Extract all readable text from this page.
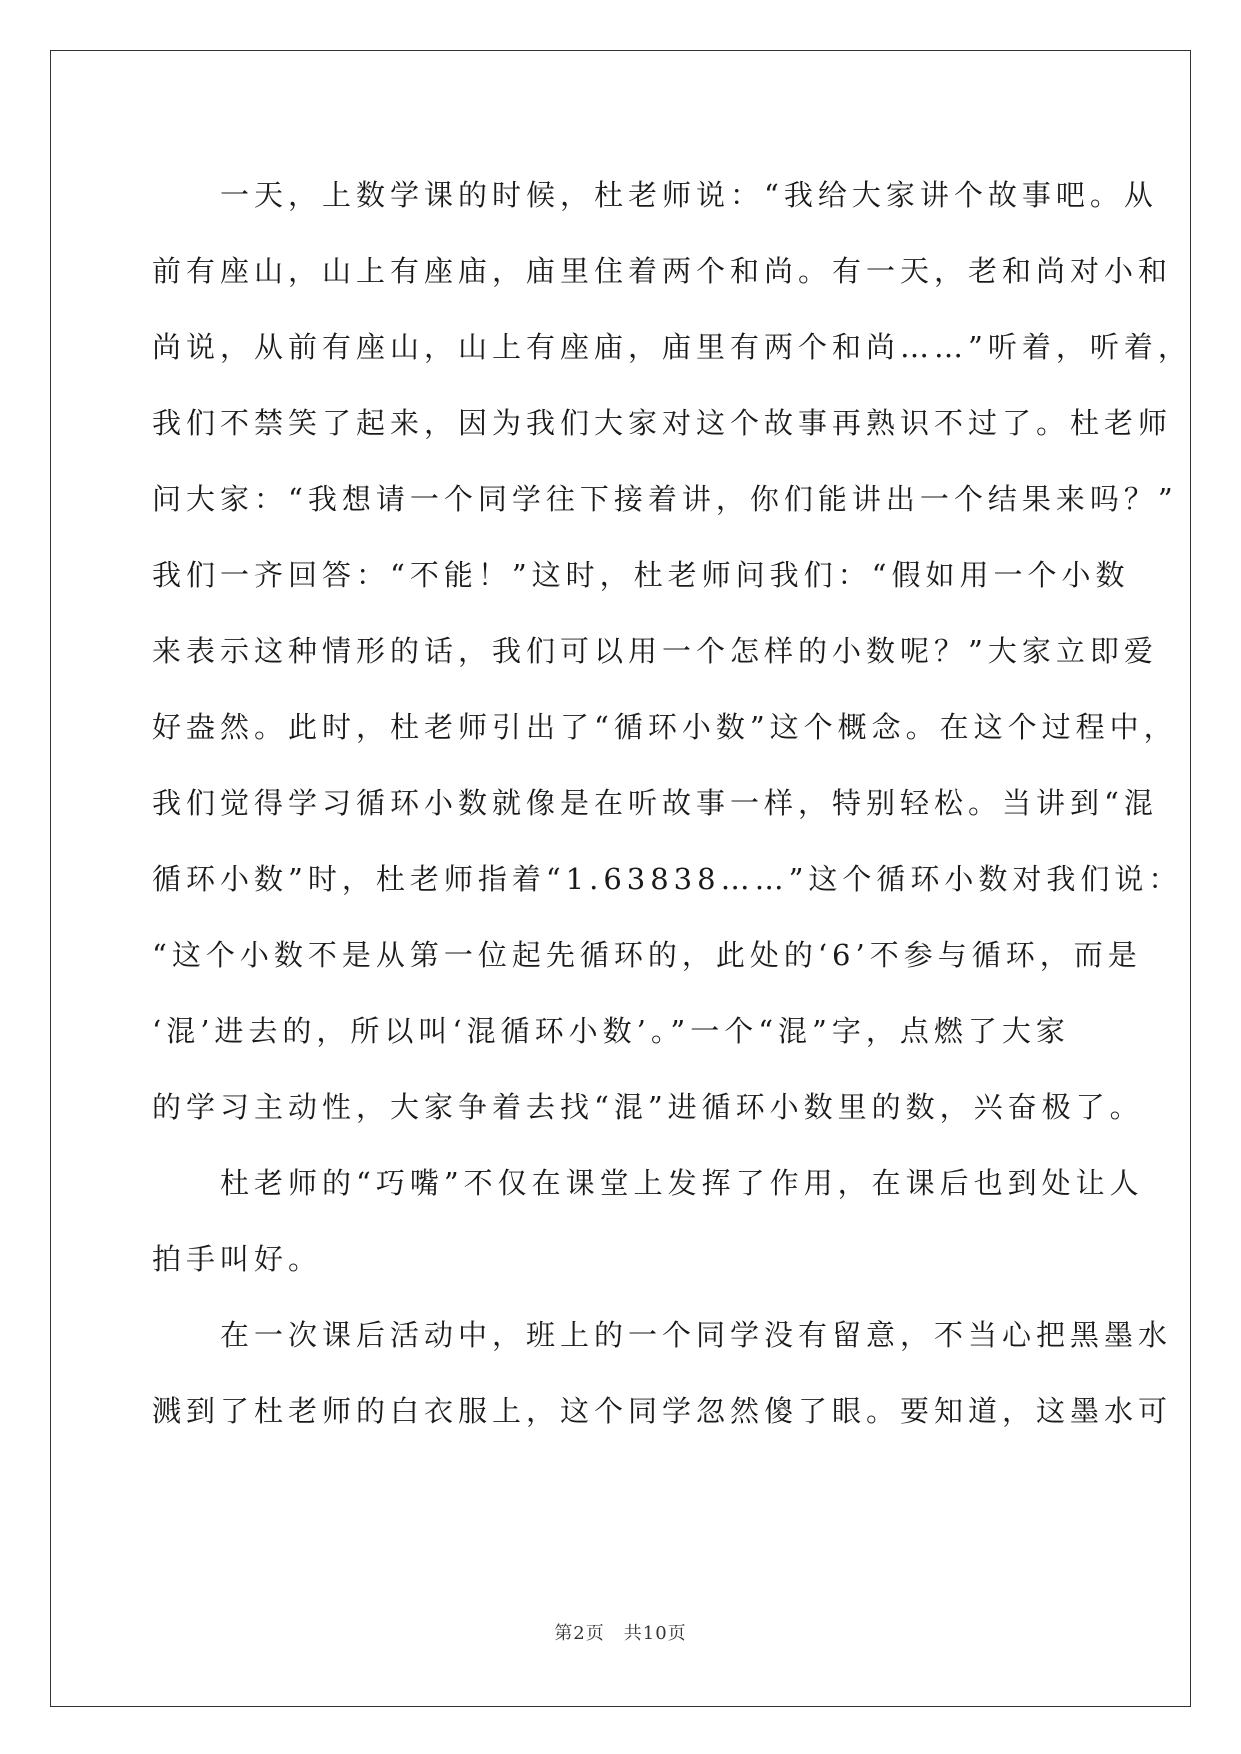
　　一天，上数学课的时候，杜老师说：“我给大家讲个故事吧。从
前有座山，山上有座庙，庙里住着两个和尚。有一天，老和尚对小和
尚说，从前有座山，山上有座庙，庙里有两个和尚……”听着，听着，
我们不禁笑了起来，因为我们大家对这个故事再熟识不过了。杜老师
问大家：“我想请一个同学往下接着讲，你们能讲出一个结果来吗？”
我们一齐回答：“不能！”这时，杜老师问我们：“假如用一个小数
来表示这种情形的话，我们可以用一个怎样的小数呢？”大家立即爱
好盎然。此时，杜老师引出了“循环小数”这个概念。在这个过程中，
我们觉得学习循环小数就像是在听故事一样，特别轻松。当讲到“混
循环小数”时，杜老师指着“1.63838……”这个循环小数对我们说：
“这个小数不是从第一位起先循环的，此处的‘6’不参与循环，而是
‘混’进去的，所以叫‘混循环小数’。”一个“混”字，点燃了大家
的学习主动性，大家争着去找“混”进循环小数里的数，兴奋极了。
　　杜老师的“巧嘴”不仅在课堂上发挥了作用，在课后也到处让人
拍手叫好。
　　在一次课后活动中，班上的一个同学没有留意，不当心把黑墨水
溅到了杜老师的白衣服上，这个同学忽然傻了眼。要知道，这墨水可
第2页　共10页
